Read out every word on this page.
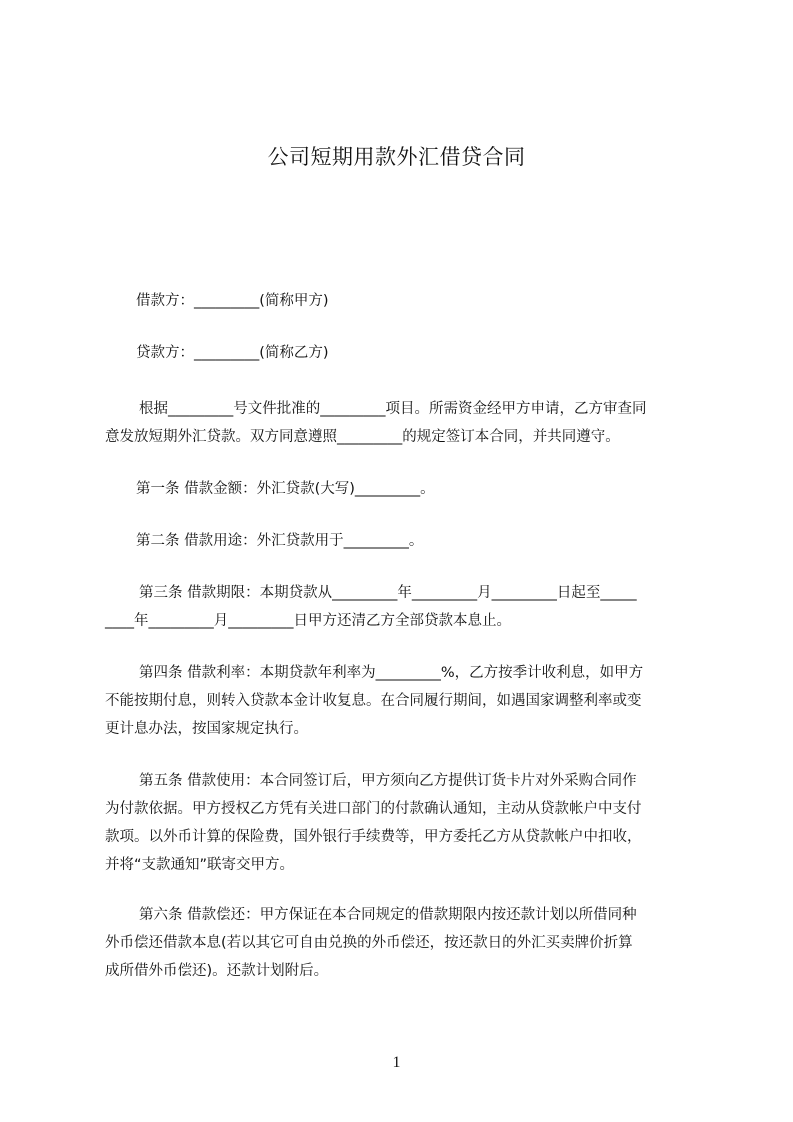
公司短期用款外汇借贷合同
借款方：_________(简称甲方)
贷款方：_________(简称乙方)
根据_________号文件批准的_________项目。所需资金经甲方申请，乙方审查同
意发放短期外汇贷款。双方同意遵照_________的规定签订本合同，并共同遵守。
第一条 借款金额：外汇贷款(大写)_________。
第二条 借款用途：外汇贷款用于_________。
第三条 借款期限：本期贷款从_________年_________月_________日起至_____
____年_________月_________日甲方还清乙方全部贷款本息止。
第四条 借款利率：本期贷款年利率为_________%，乙方按季计收利息，如甲方
不能按期付息，则转入贷款本金计收复息。在合同履行期间，如遇国家调整利率或变
更计息办法，按国家规定执行。
第五条 借款使用：本合同签订后，甲方须向乙方提供订货卡片对外采购合同作
为付款依据。甲方授权乙方凭有关进口部门的付款确认通知，主动从贷款帐户中支付
款项。以外币计算的保险费，国外银行手续费等，甲方委托乙方从贷款帐户中扣收，
并将“支款通知”联寄交甲方。
第六条 借款偿还：甲方保证在本合同规定的借款期限内按还款计划以所借同种
外币偿还借款本息(若以其它可自由兑换的外币偿还，按还款日的外汇买卖牌价折算
成所借外币偿还)。还款计划附后。
1
